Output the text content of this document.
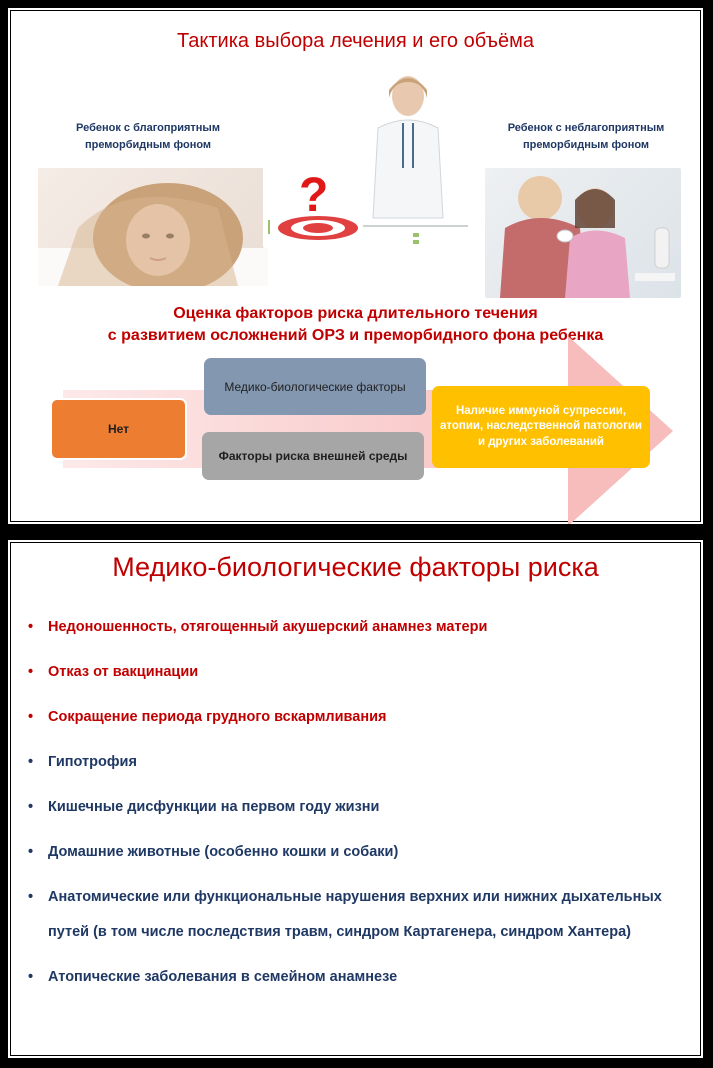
Тактика выбора лечения и его объёма
Ребенок с благоприятным преморбидным фоном
Ребенок с неблагоприятным преморбидным фоном
?
Оценка факторов риска длительного течения
с развитием осложнений ОРЗ и преморбидного фона ребенка
Нет
Медико-биологические факторы
Факторы риска внешней среды
Наличие иммуной супрессии, атопии, наследственной патологии и других заболеваний
Медико-биологические факторы риска
• Недоношенность, отягощенный акушерский анамнез матери
• Отказ от вакцинации
• Сокращение периода грудного вскармливания
• Гипотрофия
• Кишечные дисфункции на первом году жизни
• Домашние животные (особенно кошки и собаки)
• Анатомические или функциональные нарушения верхних или нижних дыхательных путей (в том числе последствия травм, синдром Картагенера, синдром Хантера)
• Атопические заболевания в семейном анамнезе
